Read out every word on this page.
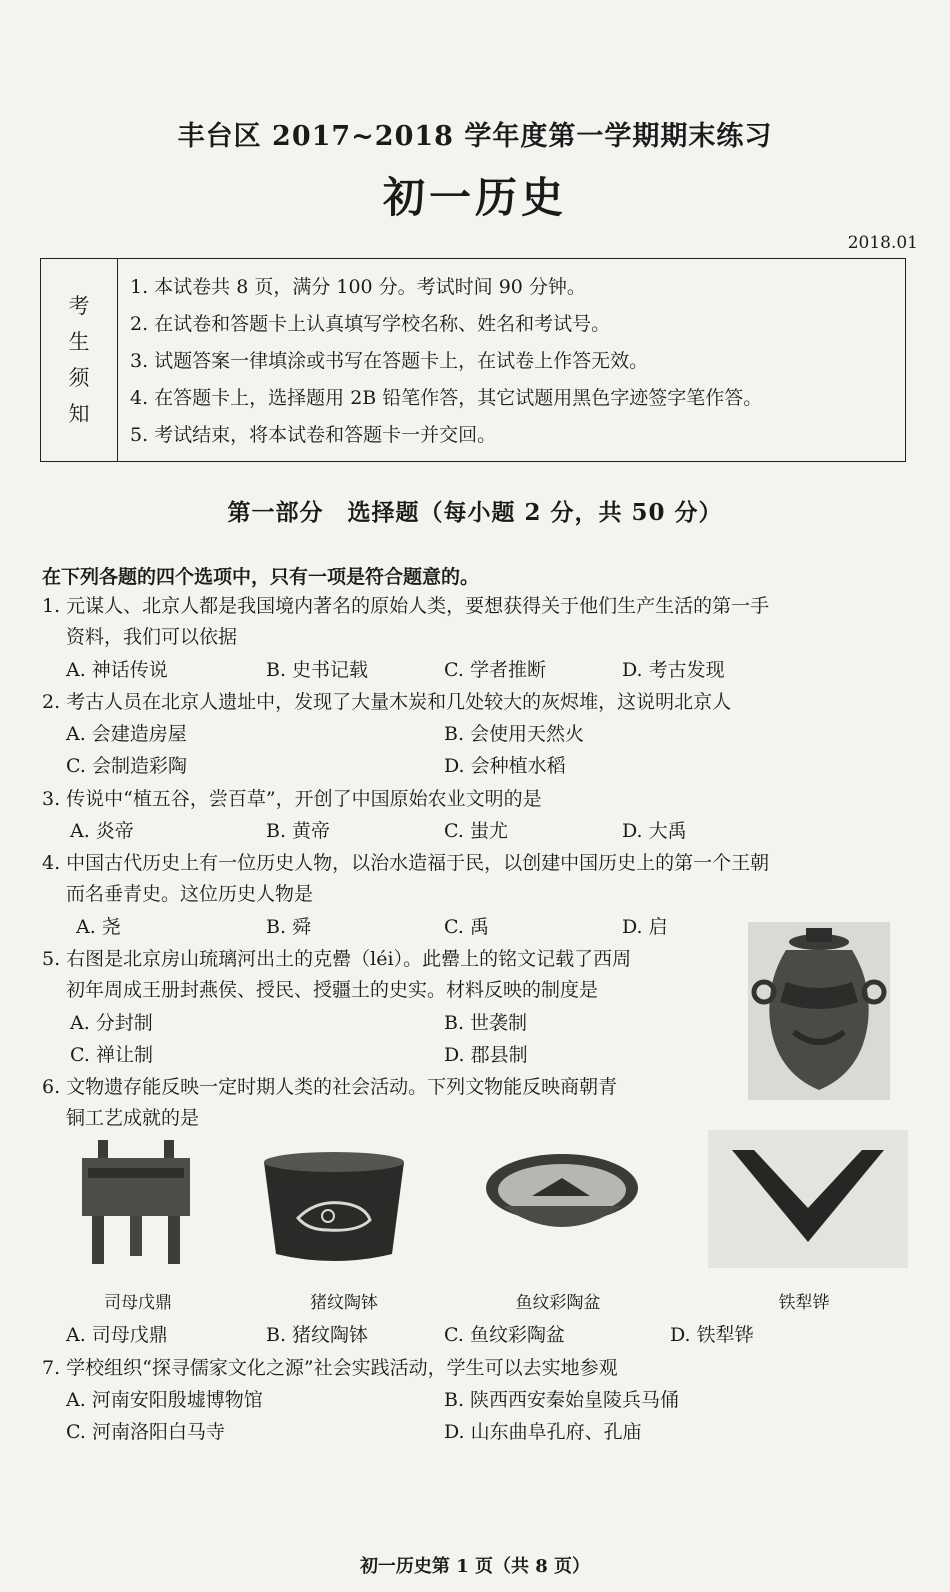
丰台区 2017~2018 学年度第一学期期末练习
初一历史
2018.01
考
生
须
知
1. 本试卷共 8 页，满分 100 分。考试时间 90 分钟。
2. 在试卷和答题卡上认真填写学校名称、姓名和考试号。
3. 试题答案一律填涂或书写在答题卡上，在试卷上作答无效。
4. 在答题卡上，选择题用 2B 铅笔作答，其它试题用黑色字迹签字笔作答。
5. 考试结束，将本试卷和答题卡一并交回。
第一部分　选择题（每小题 2 分，共 50 分）
在下列各题的四个选项中，只有一项是符合题意的。
1. 元谋人、北京人都是我国境内著名的原始人类，要想获得关于他们生产生活的第一手
资料，我们可以依据
A. 神话传说	B. 史书记载	C. 学者推断	D. 考古发现
2. 考古人员在北京人遗址中，发现了大量木炭和几处较大的灰烬堆，这说明北京人
A. 会建造房屋	B. 会使用天然火
C. 会制造彩陶	D. 会种植水稻
3. 传说中“植五谷，尝百草”，开创了中国原始农业文明的是
A. 炎帝	B. 黄帝	C. 蚩尤	D. 大禹
4. 中国古代历史上有一位历史人物，以治水造福于民，以创建中国历史上的第一个王朝
而名垂青史。这位历史人物是
A. 尧	B. 舜	C. 禹	D. 启
5. 右图是北京房山琉璃河出土的克罍（léi）。此罍上的铭文记载了西周
初年周成王册封燕侯、授民、授疆土的史实。材料反映的制度是
A. 分封制	B. 世袭制
C. 禅让制	D. 郡县制
6. 文物遗存能反映一定时期人类的社会活动。下列文物能反映商朝青
铜工艺成就的是
司母戊鼎	猪纹陶钵	鱼纹彩陶盆	铁犁铧
A. 司母戊鼎	B. 猪纹陶钵	C. 鱼纹彩陶盆	D. 铁犁铧
7. 学校组织“探寻儒家文化之源”社会实践活动，学生可以去实地参观
A. 河南安阳殷墟博物馆	B. 陕西西安秦始皇陵兵马俑
C. 河南洛阳白马寺	D. 山东曲阜孔府、孔庙
初一历史第 1 页（共 8 页）
